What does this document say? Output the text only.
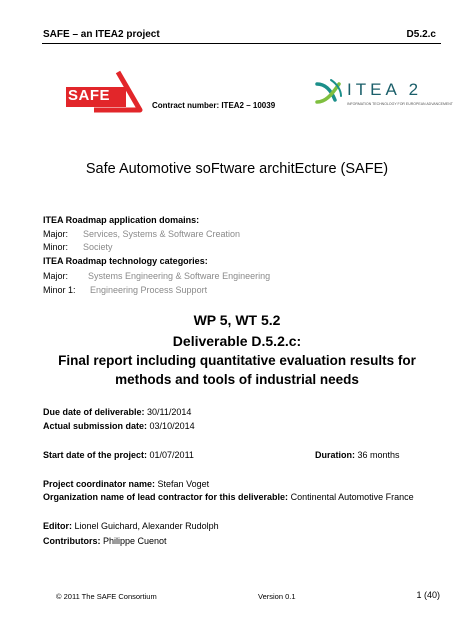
SAFE – an ITEA2 project	D5.2.c
SAFE
Contract number: ITEA2 – 10039
ITEA 2
INFORMATION TECHNOLOGY FOR EUROPEAN ADVANCEMENT
Safe Automotive soFtware architEcture (SAFE)
ITEA Roadmap application domains:
Major: Services, Systems & Software Creation
Minor: Society
ITEA Roadmap technology categories:
Major: Systems Engineering & Software Engineering
Minor 1: Engineering Process Support
WP 5, WT 5.2
Deliverable D.5.2.c:
Final report including quantitative evaluation results for
methods and tools of industrial needs
Due date of deliverable: 30/11/2014
Actual submission date: 03/10/2014
Start date of the project: 01/07/2011	Duration: 36 months
Project coordinator name: Stefan Voget
Organization name of lead contractor for this deliverable: Continental Automotive France
Editor: Lionel Guichard, Alexander Rudolph
Contributors: Philippe Cuenot
© 2011 The SAFE Consortium	Version 0.1	1 (40)
